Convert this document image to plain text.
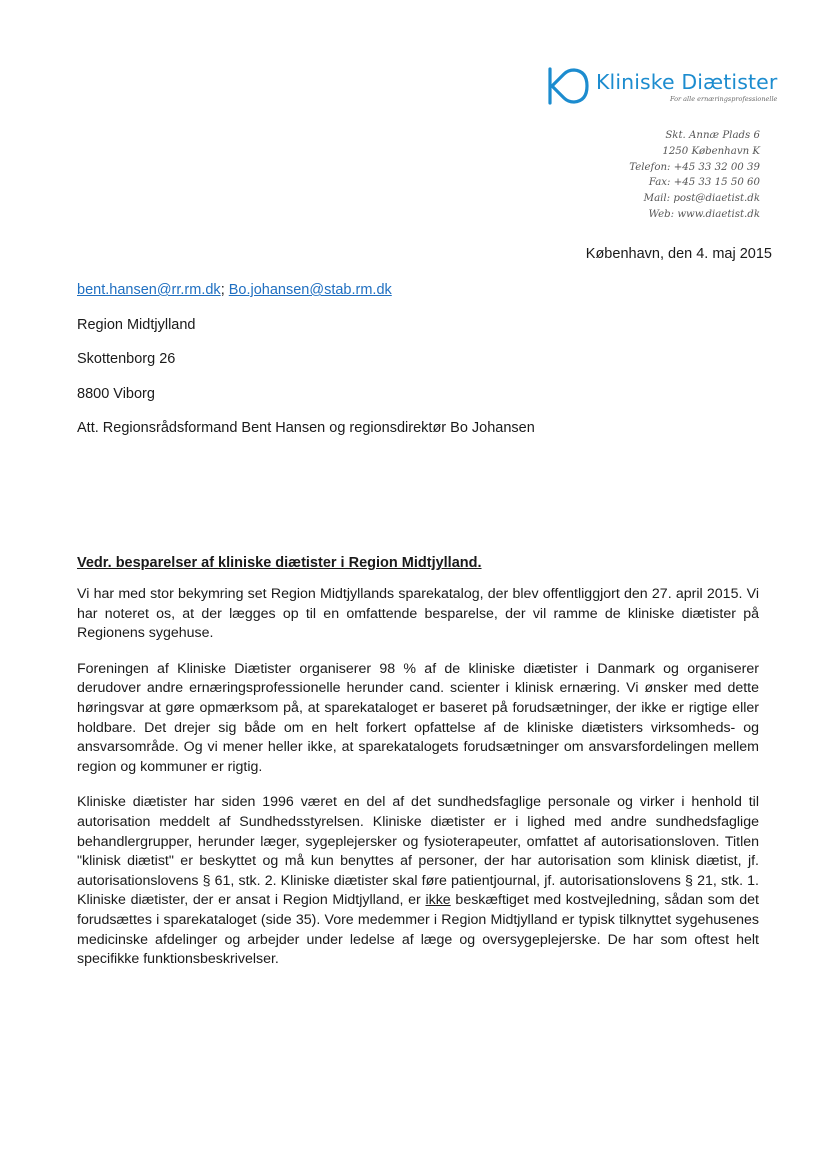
Kliniske Diætister
For alle ernæringsprofessionelle
Skt. Annæ Plads 6
1250 København K
Telefon: +45 33 32 00 39
Fax: +45 33 15 50 60
Mail: post@diaetist.dk
Web: www.diaetist.dk
København, den 4. maj 2015
bent.hansen@rr.rm.dk; Bo.johansen@stab.rm.dk
Region Midtjylland
Skottenborg 26
8800 Viborg
Att. Regionsrådsformand Bent Hansen og regionsdirektør Bo Johansen
Vedr. besparelser af kliniske diætister i Region Midtjylland.

Vi har med stor bekymring set Region Midtjyllands sparekatalog, der blev offentliggjort den 27. april 2015. Vi har noteret os, at der lægges op til en omfattende besparelse, der vil ramme de kliniske diætister på Regionens sygehuse.

Foreningen af Kliniske Diætister organiserer 98 % af de kliniske diætister i Danmark og organiserer derudover andre ernæringsprofessionelle herunder cand. scienter i klinisk ernæring. Vi ønsker med dette høringsvar at gøre opmærksom på, at sparekataloget er baseret på forudsætninger, der ikke er rigtige eller holdbare. Det drejer sig både om en helt forkert opfattelse af de kliniske diætisters virksomheds- og ansvarsområde. Og vi mener heller ikke, at sparekatalogets forudsætninger om ansvarsfordelingen mellem region og kommuner er rigtig.

Kliniske diætister har siden 1996 været en del af det sundhedsfaglige personale og virker i henhold til autorisation meddelt af Sundhedsstyrelsen. Kliniske diætister er i lighed med andre sundhedsfaglige behandlergrupper, herunder læger, sygeplejersker og fysioterapeuter, omfattet af autorisationsloven. Titlen "klinisk diætist" er beskyttet og må kun benyttes af personer, der har autorisation som klinisk diætist, jf. autorisationslovens § 61, stk. 2. Kliniske diætister skal føre patientjournal, jf. autorisationslovens § 21, stk. 1. Kliniske diætister, der er ansat i Region Midtjylland, er ikke beskæftiget med kostvejledning, sådan som det forudsættes i sparekataloget (side 35). Vore medemmer i Region Midtjylland er typisk tilknyttet sygehusenes medicinske afdelinger og arbejder under ledelse af læge og oversygeplejerske. De har som oftest helt specifikke funktionsbeskrivelser.
